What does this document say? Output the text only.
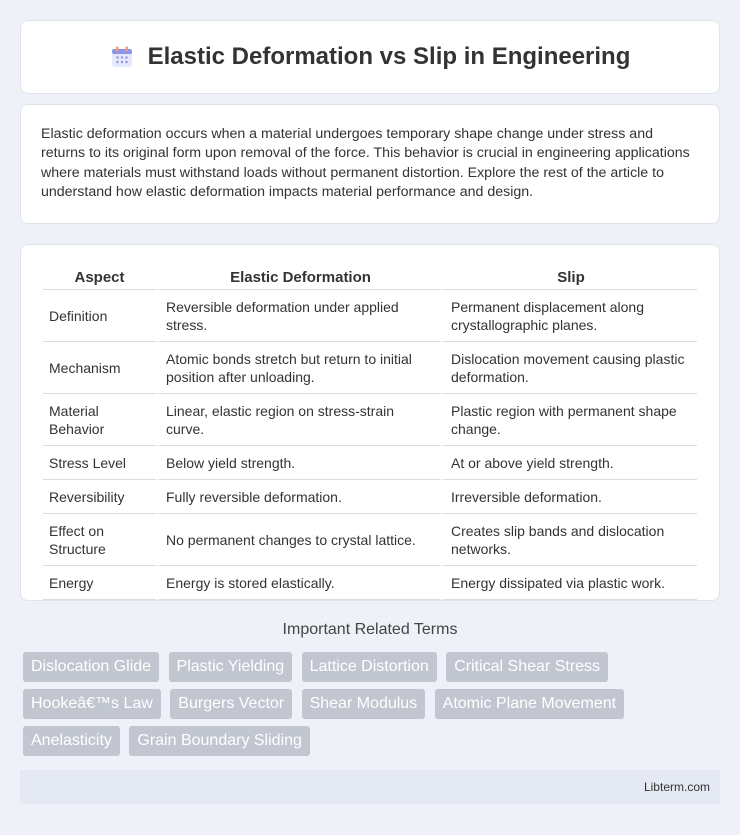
Elastic Deformation vs Slip in Engineering

Elastic deformation occurs when a material undergoes temporary shape change under stress and returns to its original form upon removal of the force. This behavior is crucial in engineering applications where materials must withstand loads without permanent distortion. Explore the rest of the article to understand how elastic deformation impacts material performance and design.

Aspect	Elastic Deformation	Slip
Definition	Reversible deformation under applied stress.	Permanent displacement along crystallographic planes.
Mechanism	Atomic bonds stretch but return to initial position after unloading.	Dislocation movement causing plastic deformation.
Material Behavior	Linear, elastic region on stress-strain curve.	Plastic region with permanent shape change.
Stress Level	Below yield strength.	At or above yield strength.
Reversibility	Fully reversible deformation.	Irreversible deformation.
Effect on Structure	No permanent changes to crystal lattice.	Creates slip bands and dislocation networks.
Energy	Energy is stored elastically.	Energy dissipated via plastic work.
Important Related Terms
Dislocation Glide Plastic Yielding Lattice Distortion Critical Shear Stress Hookeâ€™s Law Burgers Vector Shear Modulus Atomic Plane Movement Anelasticity Grain Boundary Sliding
Libterm.com
